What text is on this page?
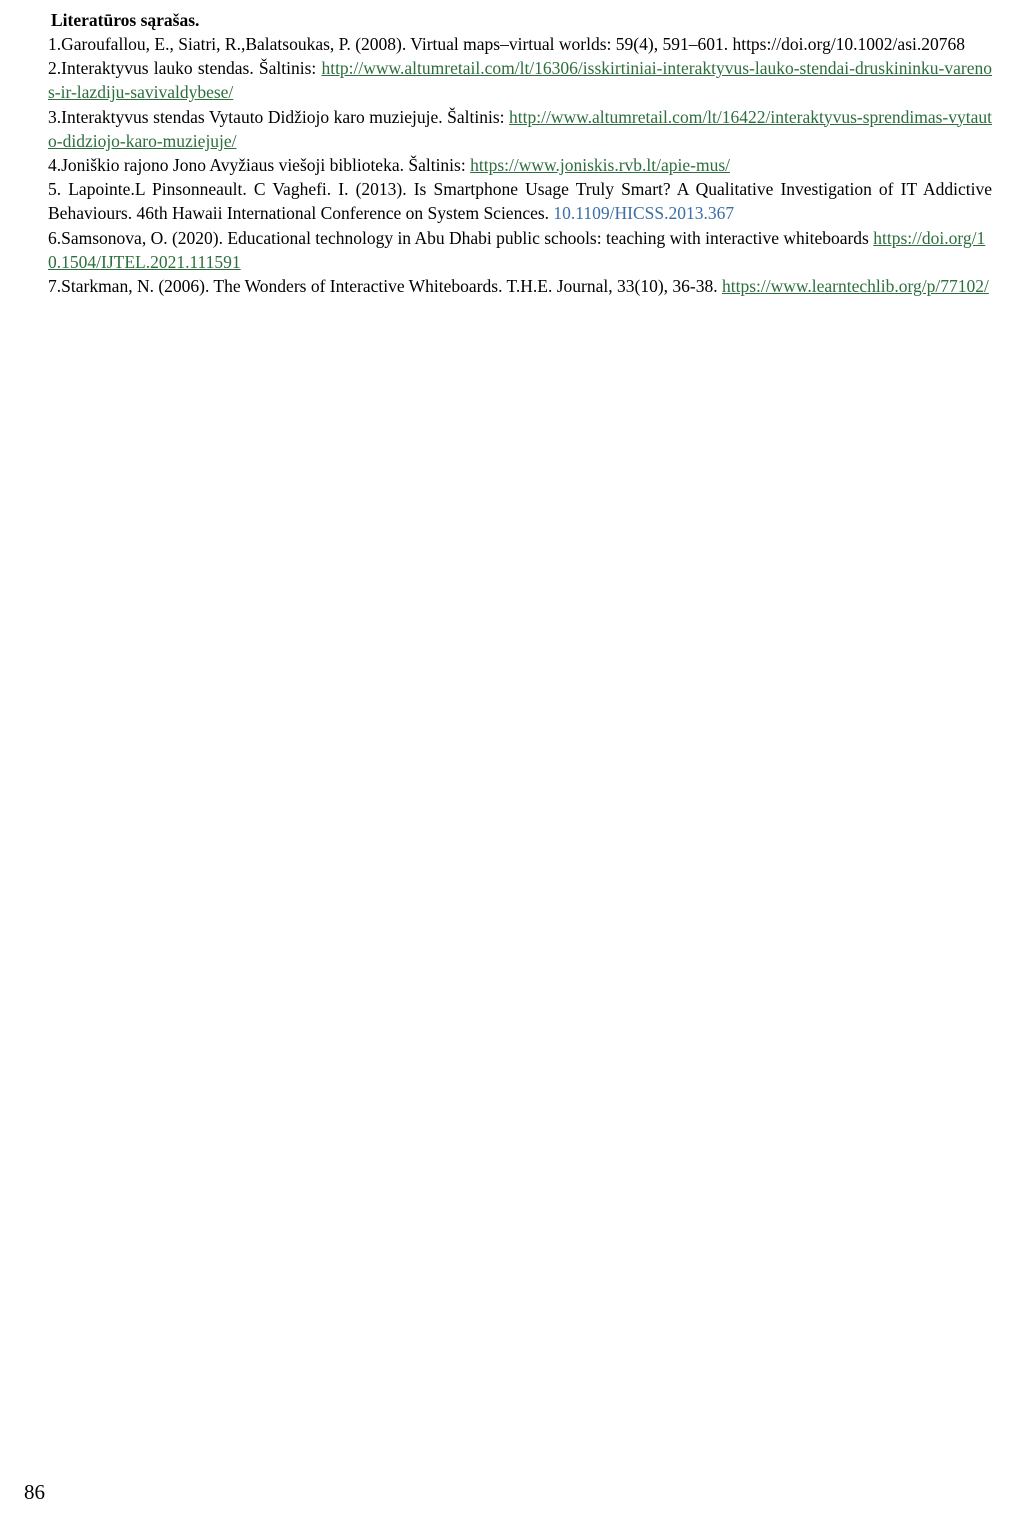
Literatūros sąrašas.

1.Garoufallou, E., Siatri, R.,Balatsoukas, P. (2008). Virtual maps–virtual worlds: 59(4), 591–601. https://doi.org/10.1002/asi.20768

2.Interaktyvus lauko stendas. Šaltinis: http://www.altumretail.com/lt/16306/isskirtiniai-interaktyvus-lauko-stendai-druskininku-varenos-ir-lazdiju-savivaldybese/

3.Interaktyvus stendas Vytauto Didžiojo karo muziejuje. Šaltinis: http://www.altumretail.com/lt/16422/interaktyvus-sprendimas-vytauto-didziojo-karo-muziejuje/

4.Joniškio rajono Jono Avyžiaus viešoji biblioteka. Šaltinis: https://www.joniskis.rvb.lt/apie-mus/

5. Lapointe.L Pinsonneault. C Vaghefi. I. (2013). Is Smartphone Usage Truly Smart? A Qualitative Investigation of IT Addictive Behaviours. 46th Hawaii International Conference on System Sciences. 10.1109/HICSS.2013.367

6.Samsonova, O. (2020). Educational technology in Abu Dhabi public schools: teaching with interactive whiteboards https://doi.org/10.1504/IJTEL.2021.111591

7.Starkman, N. (2006). The Wonders of Interactive Whiteboards. T.H.E. Journal, 33(10), 36-38. https://www.learntechlib.org/p/77102/

86
